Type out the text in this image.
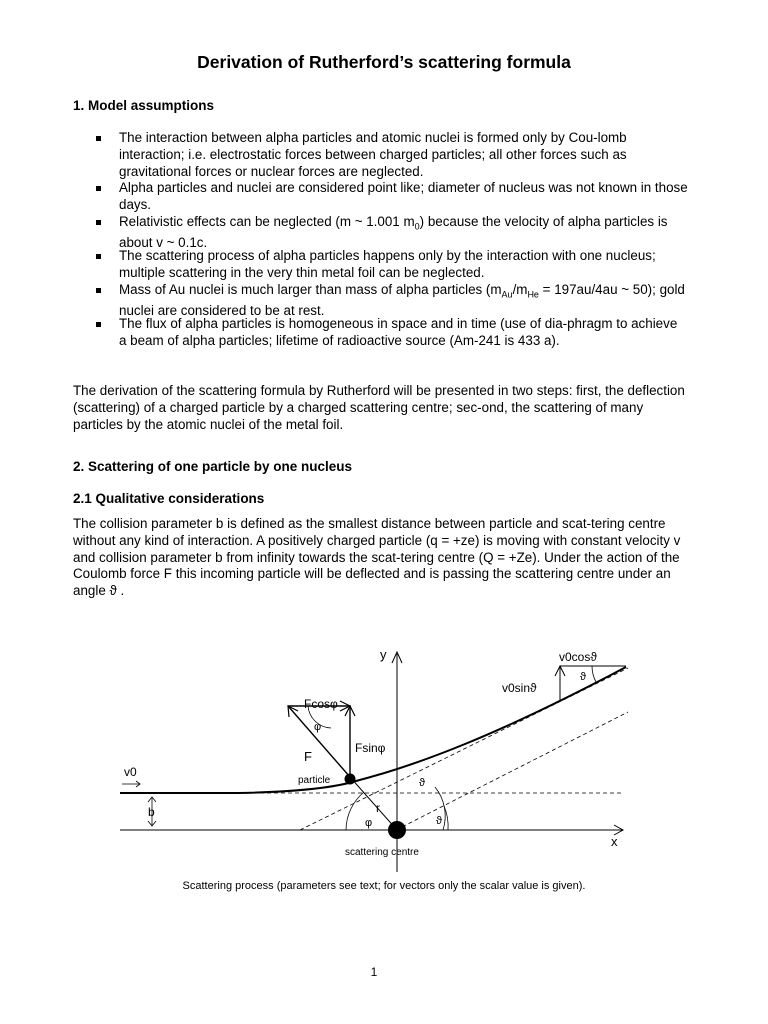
Derivation of Rutherford’s scattering formula
1. Model assumptions
The interaction between alpha particles and atomic nuclei is formed only by Cou-lomb interaction; i.e. electrostatic forces between charged particles; all other forces such as gravitational forces or nuclear forces are neglected.
Alpha particles and nuclei are considered point like; diameter of nucleus was not known in those days.
Relativistic effects can be neglected (m ~ 1.001 $m_0$) because the velocity of alpha particles is about v ~ 0.1c.
The scattering process of alpha particles happens only by the interaction with one nucleus; multiple scattering in the very thin metal foil can be neglected.
Mass of Au nuclei is much larger than mass of alpha particles ($m_{Au}/m_{He} = 197au/4au$ ~ 50); gold nuclei are considered to be at rest.
The flux of alpha particles is homogeneous in space and in time (use of dia-phragm to achieve a beam of alpha particles; lifetime of radioactive source (Am-241 is 433 a).

The derivation of the scattering formula by Rutherford will be presented in two steps: first, the deflection (scattering) of a charged particle by a charged scattering centre; sec-ond, the scattering of many particles by the atomic nuclei of the metal foil.

2. Scattering of one particle by one nucleus
2.1 Qualitative considerations

The collision parameter b is defined as the smallest distance between particle and scat-tering centre without any kind of interaction. A positively charged particle (q = +ze) is moving with constant velocity v and collision parameter b from infinity towards the scat-tering centre (Q = +Ze). Under the action of the Coulomb force F this incoming particle will be deflected and is passing the scattering centre under an angle ϑ .

y
x
v0
b
F
Fcosφ
Fsinφ
φ
particle
r
φ
ϑ
ϑ
v0sinϑ
v0cosϑ
ϑ
scattering centre
Scattering process (parameters see text; for vectors only the scalar value is given).
1
